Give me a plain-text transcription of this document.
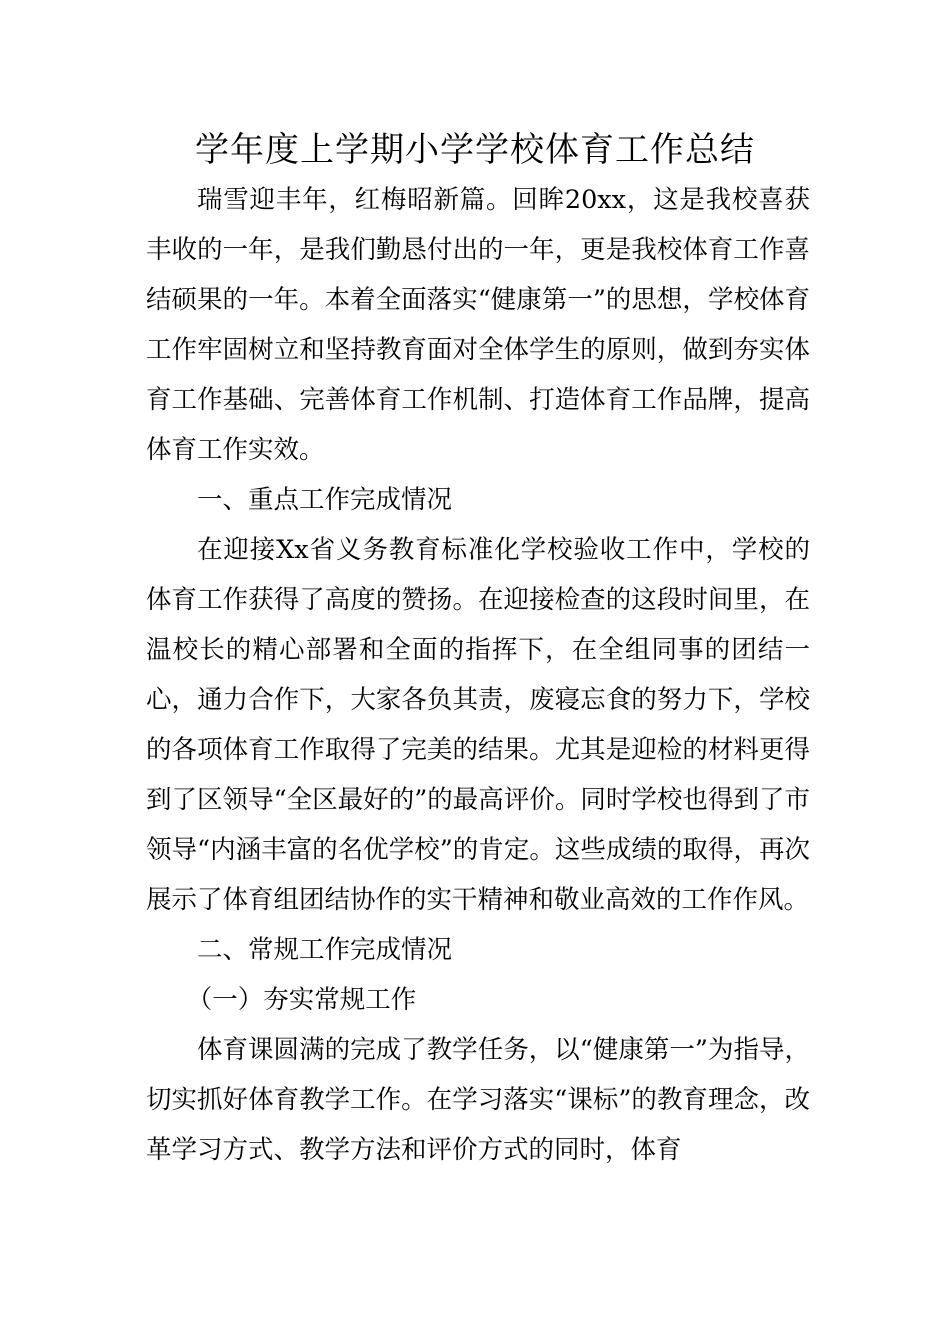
学年度上学期小学学校体育工作总结

瑞雪迎丰年，红梅昭新篇。回眸20xx，这是我校喜获丰收的一年，是我们勤恳付出的一年，更是我校体育工作喜结硕果的一年。本着全面落实“健康第一”的思想，学校体育工作牢固树立和坚持教育面对全体学生的原则，做到夯实体育工作基础、完善体育工作机制、打造体育工作品牌，提高体育工作实效。

一、重点工作完成情况

在迎接Xx省义务教育标准化学校验收工作中，学校的体育工作获得了高度的赞扬。在迎接检查的这段时间里，在温校长的精心部署和全面的指挥下，在全组同事的团结一心，通力合作下，大家各负其责，废寝忘食的努力下，学校的各项体育工作取得了完美的结果。尤其是迎检的材料更得到了区领导“全区最好的”的最高评价。同时学校也得到了市领导“内涵丰富的名优学校”的肯定。这些成绩的取得，再次展示了体育组团结协作的实干精神和敬业高效的工作作风。

二、常规工作完成情况

（一）夯实常规工作

体育课圆满的完成了教学任务，以“健康第一”为指导，切实抓好体育教学工作。在学习落实“课标”的教育理念，改革学习方式、教学方法和评价方式的同时，体育
